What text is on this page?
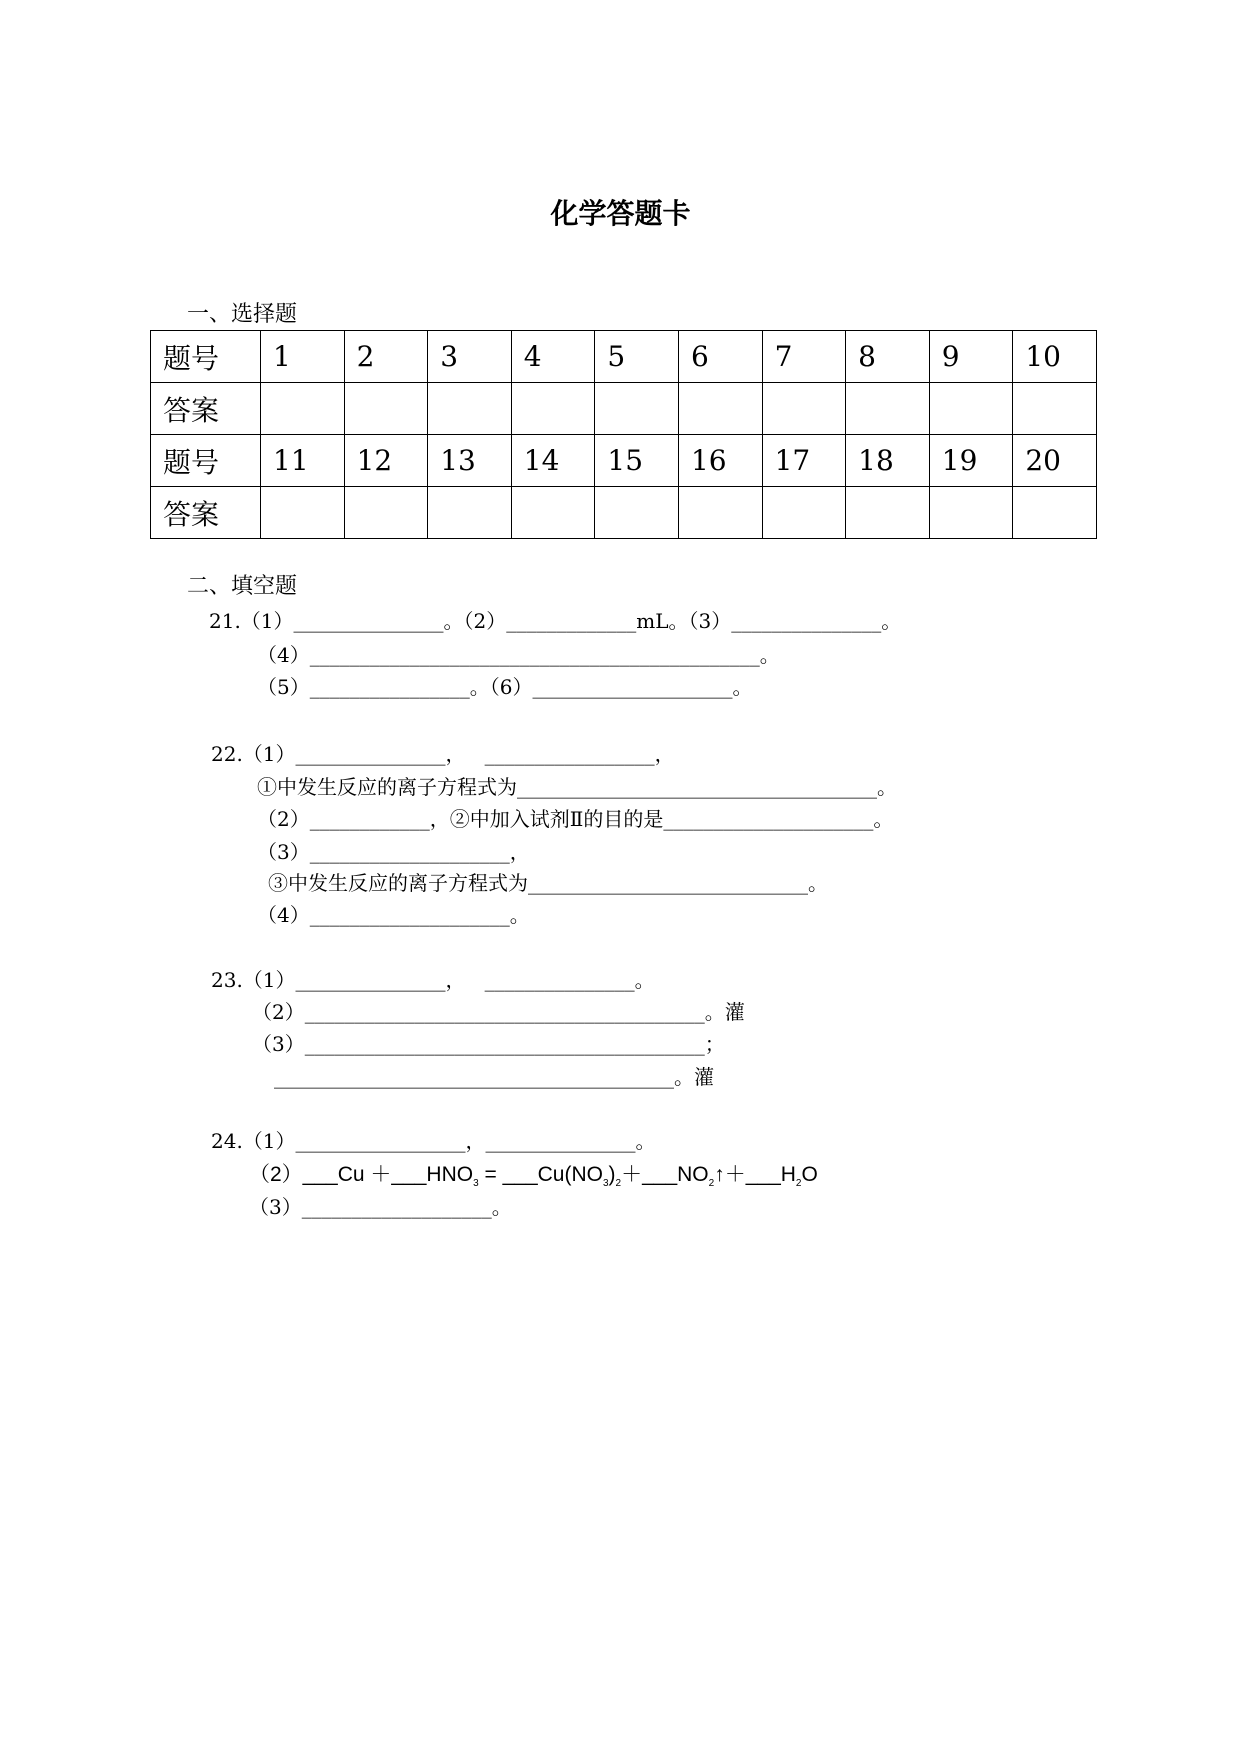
化学答题卡
一、选择题
题号	1	2	3	4	5	6	7	8	9	10
答案										
题号	11	12	13	14	15	16	17	18	19	20
答案										
二、填空题
21.（1）_______________。（2）_____________mL。（3）_______________。
（4）_____________________________________________。
（5）________________。（6）____________________。
22.（1）_______________，   _________________，
①中发生反应的离子方程式为____________________________________。
（2）____________，②中加入试剂Ⅱ的目的是_____________________。
（3）____________________，
③中发生反应的离子方程式为____________________________。
（4）____________________。
23.（1）_______________，   _______________。
（2）________________________________________。灌
（3）________________________________________；
________________________________________。灌
24.（1）_________________，_______________。
（2）___Cu $+\_\_\_HNO_3$ = $\_\_\_Cu(NO_3)_2+\_\_\_NO_2↑+\_\_\_H_2O$
（3）___________________。
